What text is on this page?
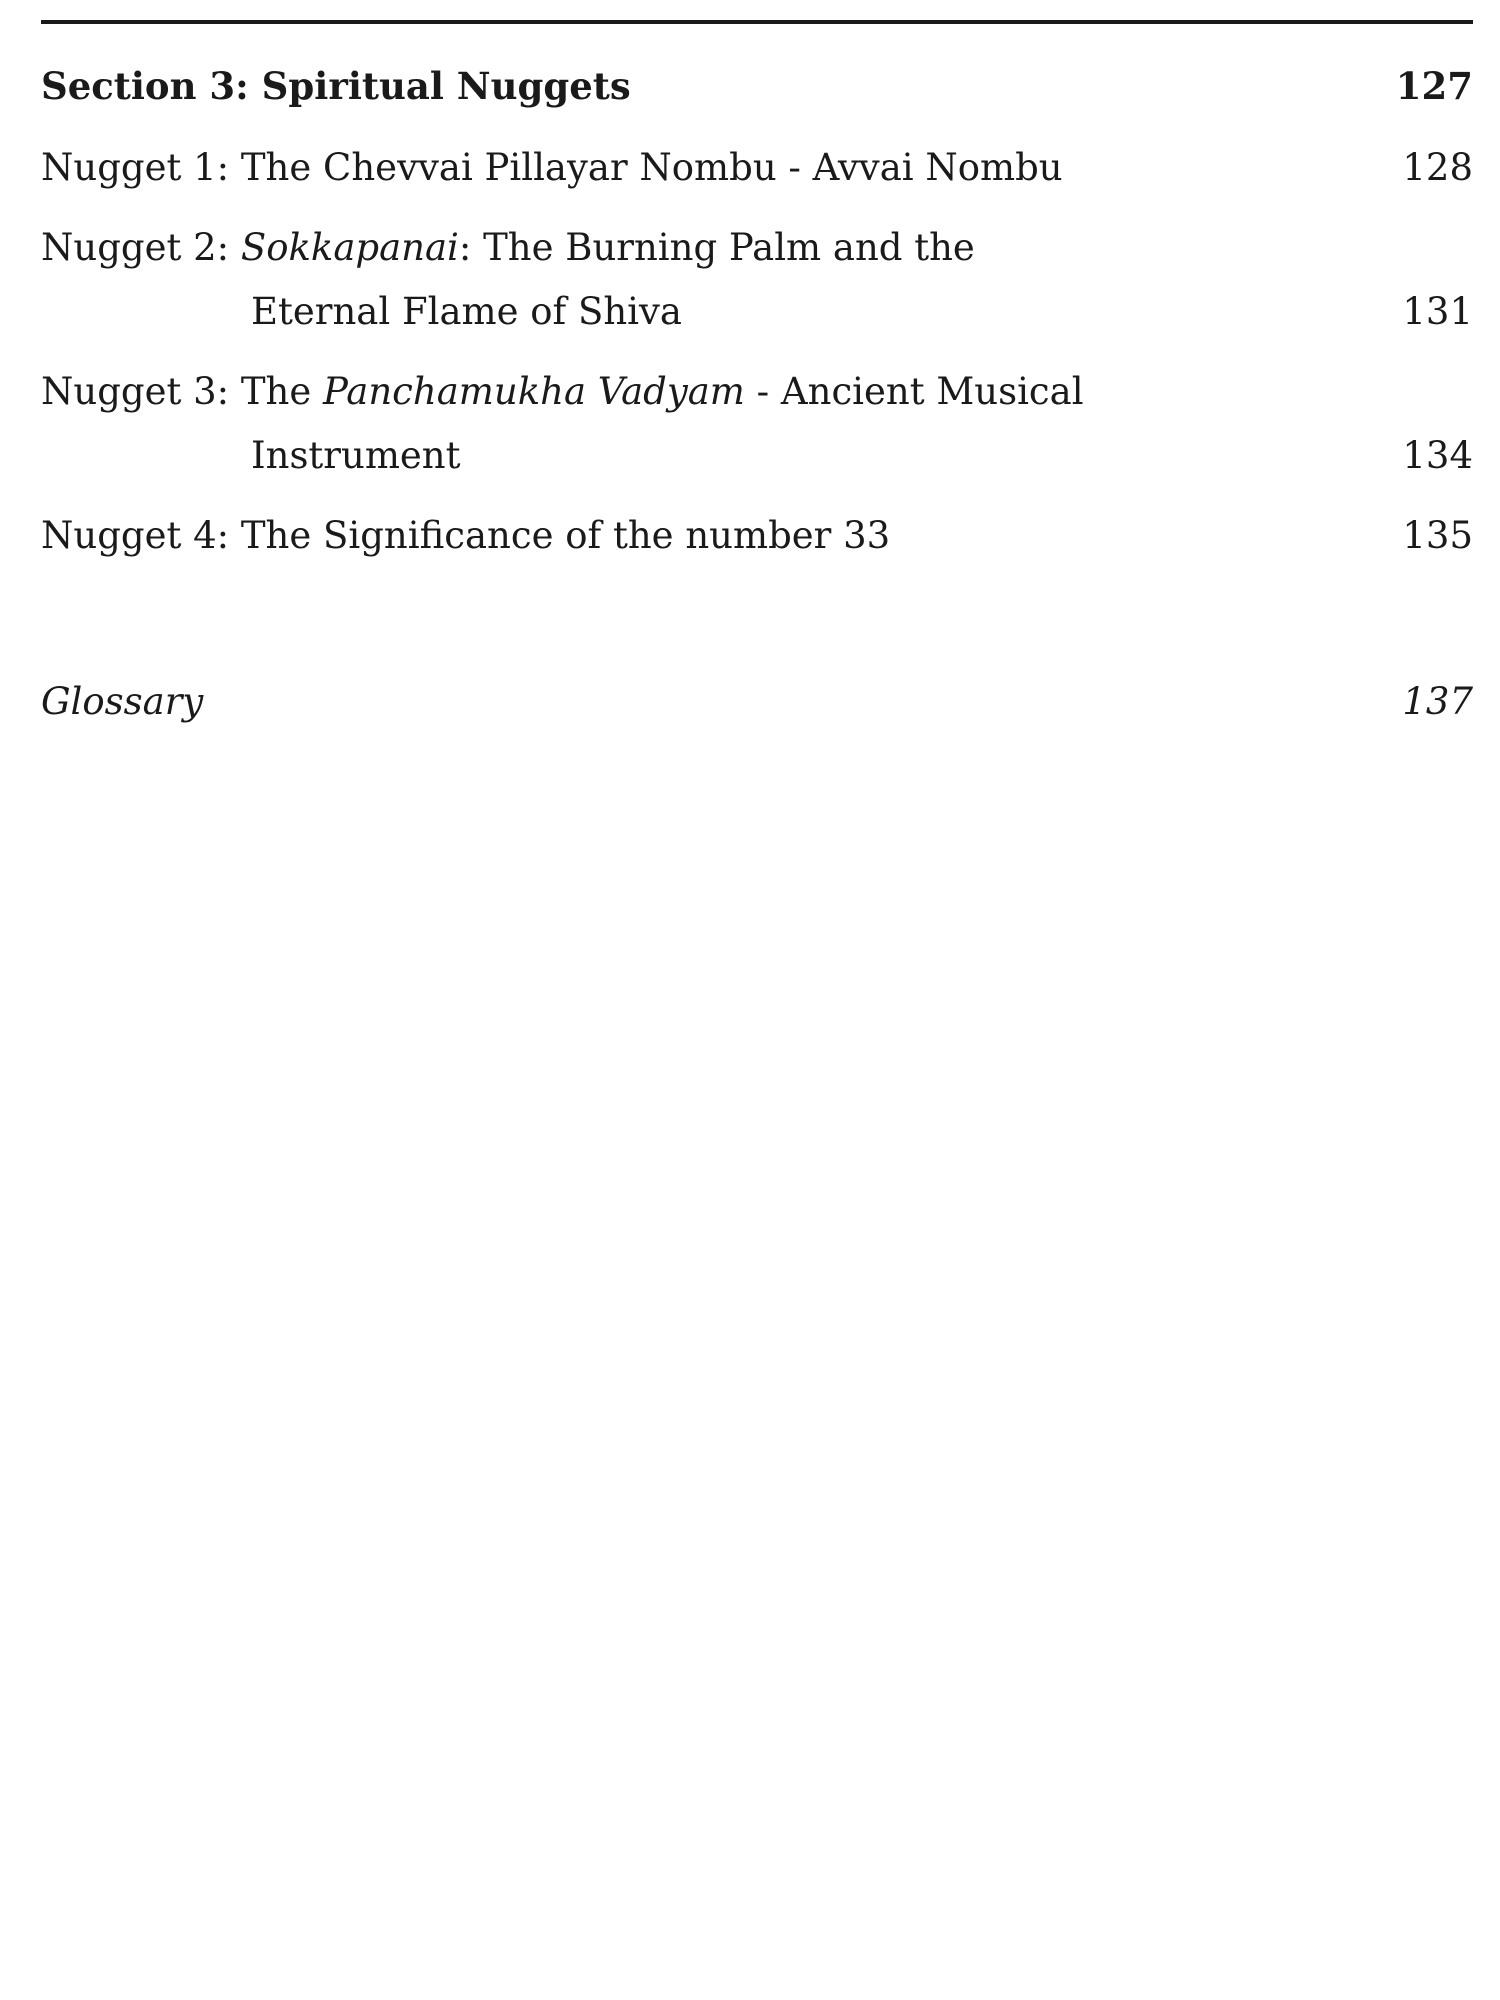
Section 3: Spiritual Nuggets	127
Nugget 1: The Chevvai Pillayar Nombu - Avvai Nombu	128
Nugget 2: Sokkapanai: The Burning Palm and the
Eternal Flame of Shiva	131
Nugget 3: The Panchamukha Vadyam - Ancient Musical
Instrument	134
Nugget 4: The Significance of the number 33	135
Glossary	137
